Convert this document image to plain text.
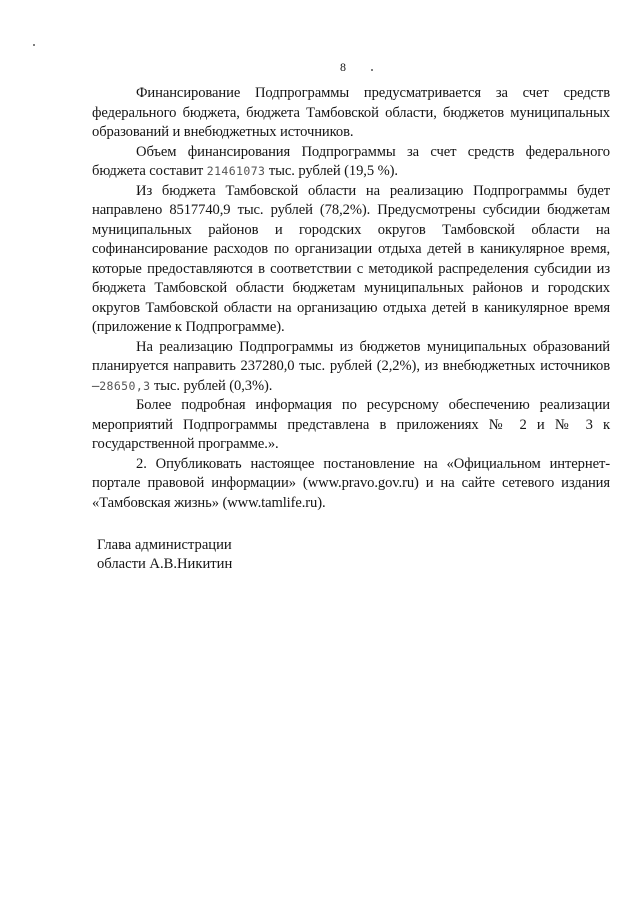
8

Финансирование Подпрограммы предусматривается за счет средств федерального бюджета, бюджета Тамбовской области, бюджетов муниципальных образований и внебюджетных источников.

Объем финансирования Подпрограммы за счет средств федерального бюджета составит 21461073 тыс. рублей (19,5 %).

Из бюджета Тамбовской области на реализацию Подпрограммы будет направлено 8517740,9 тыс. рублей (78,2%). Предусмотрены субсидии бюджетам муниципальных районов и городских округов Тамбовской области на софинансирование расходов по организации отдыха детей в каникулярное время, которые предоставляются в соответствии с методикой распределения субсидии из бюджета Тамбовской области бюджетам муниципальных районов и городских округов Тамбовской области на организацию отдыха детей в каникулярное время (приложение к Подпрограмме).

На реализацию Подпрограммы из бюджетов муниципальных образований планируется направить 237280,0 тыс. рублей (2,2%), из внебюджетных источников –28650,3 тыс. рублей (0,3%).

Более подробная информация по ресурсному обеспечению реализации мероприятий Подпрограммы представлена в приложениях № 2 и № 3 к государственной программе.».

2. Опубликовать настоящее постановление на «Официальном интернет-портале правовой информации» (www.pravo.gov.ru) и на сайте сетевого издания «Тамбовская жизнь» (www.tamlife.ru).

Глава администрации
области А.В.Никитин
